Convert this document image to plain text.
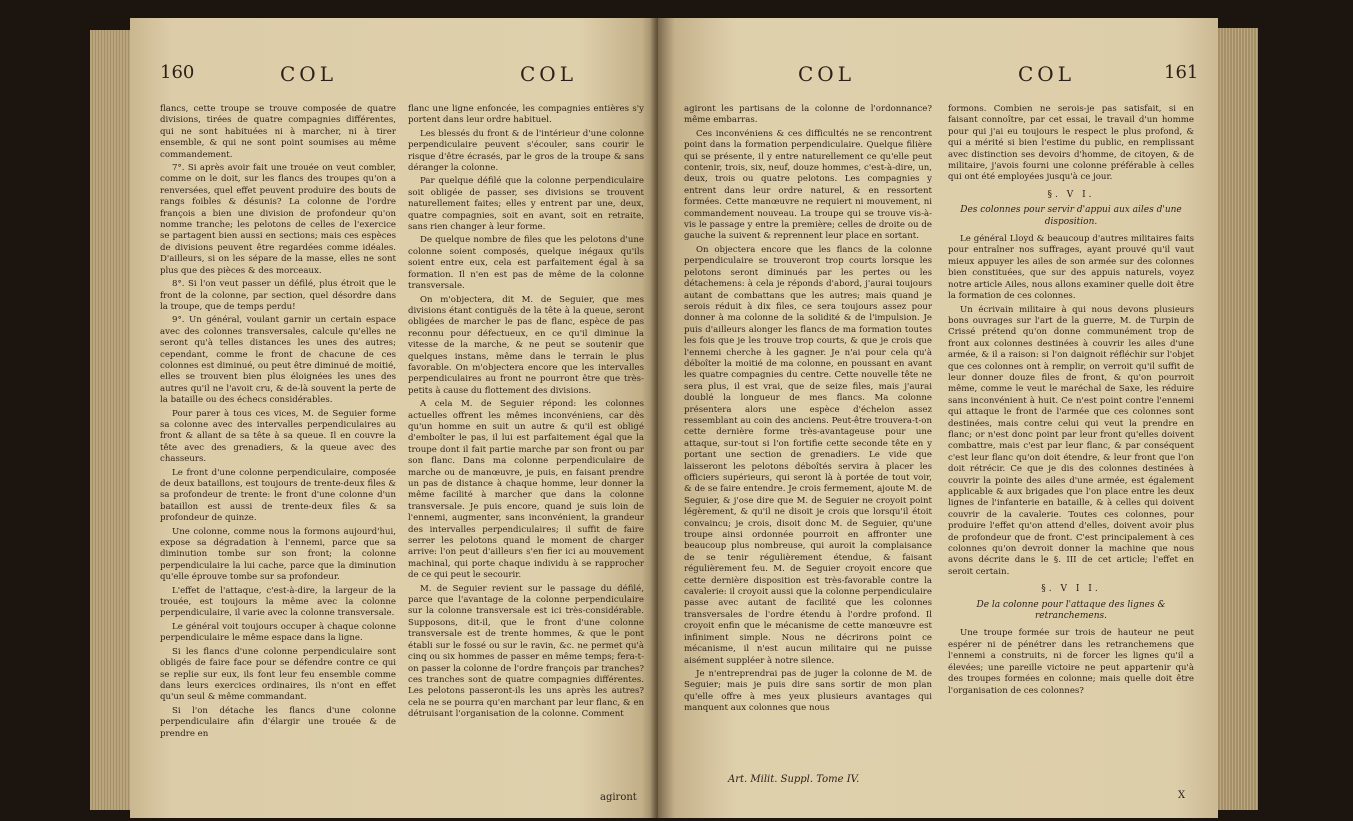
160	COL	COL

flancs, cette troupe se trouve composée de quatre divisions, tirées de quatre compagnies différentes, qui ne sont habituées ni à marcher, ni à tirer ensemble, & qui ne sont point soumises au même commandement.

7°. Si après avoir fait une trouée on veut combler, comme on le doit, sur les flancs des troupes qu'on a renversées, quel effet peuvent produire des bouts de rangs foibles & désunis? La colonne de l'ordre françois a bien une division de profondeur qu'on nomme tranche; les pelotons de celles de l'exercice se partagent bien aussi en sections; mais ces espèces de divisions peuvent être regardées comme idéales. D'ailleurs, si on les sépare de la masse, elles ne sont plus que des pièces & des morceaux.

8°. Si l'on veut passer un défilé, plus étroit que le front de la colonne, par section, quel désordre dans la troupe, que de temps perdu!

9°. Un général, voulant garnir un certain espace avec des colonnes transversales, calcule qu'elles ne seront qu'à telles distances les unes des autres; cependant, comme le front de chacune de ces colonnes est diminué, ou peut être diminué de moitié, elles se trouvent bien plus éloignées les unes des autres qu'il ne l'avoit cru, & de-là souvent la perte de la bataille ou des échecs considérables.

Pour parer à tous ces vices, M. de Seguier forme sa colonne avec des intervalles perpendiculaires au front & allant de sa tête à sa queue. Il en couvre la tête avec des grenadiers, & la queue avec des chasseurs.

Le front d'une colonne perpendiculaire, composée de deux bataillons, est toujours de trente-deux files & sa profondeur de trente: le front d'une colonne d'un bataillon est aussi de trente-deux files & sa profondeur de quinze.

Une colonne, comme nous la formons aujourd'hui, expose sa dégradation à l'ennemi, parce que sa diminution tombe sur son front; la colonne perpendiculaire la lui cache, parce que la diminution qu'elle éprouve tombe sur sa profondeur.

L'effet de l'attaque, c'est-à-dire, la largeur de la trouée, est toujours la même avec la colonne perpendiculaire, il varie avec la colonne transversale.

Le général voit toujours occuper à chaque colonne perpendiculaire le même espace dans la ligne.

Si les flancs d'une colonne perpendiculaire sont obligés de faire face pour se défendre contre ce qui se replie sur eux, ils font leur feu ensemble comme dans leurs exercices ordinaires, ils n'ont en effet qu'un seul & même commandant.

Si l'on détache les flancs d'une colonne perpendiculaire afin d'élargir une trouée & de prendre en

flanc une ligne enfoncée, les compagnies entières s'y portent dans leur ordre habituel.

Les blessés du front & de l'intérieur d'une colonne perpendiculaire peuvent s'écouler, sans courir le risque d'être écrasés, par le gros de la troupe & sans déranger la colonne.

Par quelque défilé que la colonne perpendiculaire soit obligée de passer, ses divisions se trouvent naturellement faites; elles y entrent par une, deux, quatre compagnies, soit en avant, soit en retraite, sans rien changer à leur forme.

De quelque nombre de files que les pelotons d'une colonne soient composés, quelque inégaux qu'ils soient entre eux, cela est parfaitement égal à sa formation. Il n'en est pas de même de la colonne transversale.

On m'objectera, dit M. de Seguier, que mes divisions étant contiguës de la tête à la queue, seront obligées de marcher le pas de flanc, espèce de pas reconnu pour défectueux, en ce qu'il diminue la vitesse de la marche, & ne peut se soutenir que quelques instans, même dans le terrain le plus favorable. On m'objectera encore que les intervalles perpendiculaires au front ne pourront être que très-petits à cause du flottement des divisions.

A cela M. de Seguier répond: les colonnes actuelles offrent les mêmes inconvéniens, car dès qu'un homme en suit un autre & qu'il est obligé d'emboîter le pas, il lui est parfaitement égal que la troupe dont il fait partie marche par son front ou par son flanc. Dans ma colonne perpendiculaire de marche ou de manœuvre, je puis, en faisant prendre un pas de distance à chaque homme, leur donner la même facilité à marcher que dans la colonne transversale. Je puis encore, quand je suis loin de l'ennemi, augmenter, sans inconvénient, la grandeur des intervalles perpendiculaires; il suffit de faire serrer les pelotons quand le moment de charger arrive: l'on peut d'ailleurs s'en fier ici au mouvement machinal, qui porte chaque individu à se rapprocher de ce qui peut le secourir.

M. de Seguier revient sur le passage du défilé, parce que l'avantage de la colonne perpendiculaire sur la colonne transversale est ici très-considérable. Supposons, dit-il, que le front d'une colonne transversale est de trente hommes, & que le pont établi sur le fossé ou sur le ravin, &c. ne permet qu'à cinq ou six hommes de passer en même temps; fera-t-on passer la colonne de l'ordre françois par tranches? ces tranches sont de quatre compagnies différentes. Les pelotons passeront-ils les uns après les autres? cela ne se pourra qu'en marchant par leur flanc, & en détruisant l'organisation de la colonne. Comment

agiront
COL	COL	161

agiront les partisans de la colonne de l'ordonnance? même embarras.

Ces inconvéniens & ces difficultés ne se rencontrent point dans la formation perpendiculaire. Quelque filière qui se présente, il y entre naturellement ce qu'elle peut contenir, trois, six, neuf, douze hommes, c'est-à-dire, un, deux, trois ou quatre pelotons. Les compagnies y entrent dans leur ordre naturel, & en ressortent formées. Cette manœuvre ne requiert ni mouvement, ni commandement nouveau. La troupe qui se trouve vis-à-vis le passage y entre la première; celles de droite ou de gauche la suivent & reprennent leur place en sortant.

On objectera encore que les flancs de la colonne perpendiculaire se trouveront trop courts lorsque les pelotons seront diminués par les pertes ou les détachemens: à cela je réponds d'abord, j'aurai toujours autant de combattans que les autres; mais quand je serois réduit à dix files, ce sera toujours assez pour donner à ma colonne de la solidité & de l'impulsion. Je puis d'ailleurs alonger les flancs de ma formation toutes les fois que je les trouve trop courts, & que je crois que l'ennemi cherche à les gagner. Je n'ai pour cela qu'à déboîter la moitié de ma colonne, en poussant en avant les quatre compagnies du centre. Cette nouvelle tête ne sera plus, il est vrai, que de seize files, mais j'aurai doublé la longueur de mes flancs. Ma colonne présentera alors une espèce d'échelon assez ressemblant au coin des anciens. Peut-être trouvera-t-on cette dernière forme très-avantageuse pour une attaque, sur-tout si l'on fortifie cette seconde tête en y portant une section de grenadiers. Le vide que laisseront les pelotons déboîtés servira à placer les officiers supérieurs, qui seront là à portée de tout voir, & de se faire entendre. Je crois fermement, ajoute M. de Seguier, & j'ose dire que M. de Seguier ne croyoit point légèrement, & qu'il ne disoit je crois que lorsqu'il étoit convaincu; je crois, disoit donc M. de Seguier, qu'une troupe ainsi ordonnée pourroit en affronter une beaucoup plus nombreuse, qui auroit la complaisance de se tenir régulièrement étendue, & faisant régulièrement feu. M. de Seguier croyoit encore que cette dernière disposition est très-favorable contre la cavalerie: il croyoit aussi que la colonne perpendiculaire passe avec autant de facilité que les colonnes transversales de l'ordre étendu à l'ordre profond. Il croyoit enfin que le mécanisme de cette manœuvre est infiniment simple. Nous ne décrirons point ce mécanisme, il n'est aucun militaire qui ne puisse aisément suppléer à notre silence.

Je n'entreprendrai pas de juger la colonne de M. de Seguier; mais je puis dire sans sortir de mon plan qu'elle offre à mes yeux plusieurs avantages qui manquent aux colonnes que nous

Art. Milit. Suppl. Tome IV.

formons. Combien ne serois-je pas satisfait, si en faisant connoître, par cet essai, le travail d'un homme pour qui j'ai eu toujours le respect le plus profond, & qui a mérité si bien l'estime du public, en remplissant avec distinction ses devoirs d'homme, de citoyen, & de militaire, j'avois fourni une colonne préférable à celles qui ont été employées jusqu'à ce jour.

§. V I.
Des colonnes pour servir d'appui aux ailes d'une disposition.

Le général Lloyd & beaucoup d'autres militaires faits pour entraîner nos suffrages, ayant prouvé qu'il vaut mieux appuyer les ailes de son armée sur des colonnes bien constituées, que sur des appuis naturels, voyez notre article Ailes, nous allons examiner quelle doit être la formation de ces colonnes.

Un écrivain militaire à qui nous devons plusieurs bons ouvrages sur l'art de la guerre, M. de Turpin de Crissé prétend qu'on donne communément trop de front aux colonnes destinées à couvrir les ailes d'une armée, & il a raison: si l'on daignoit réfléchir sur l'objet que ces colonnes ont à remplir, on verroit qu'il suffit de leur donner douze files de front, & qu'on pourroit même, comme le veut le maréchal de Saxe, les réduire sans inconvénient à huit. Ce n'est point contre l'ennemi qui attaque le front de l'armée que ces colonnes sont destinées, mais contre celui qui veut la prendre en flanc; or n'est donc point par leur front qu'elles doivent combattre, mais c'est par leur flanc, & par conséquent c'est leur flanc qu'on doit étendre, & leur front que l'on doit rétrécir. Ce que je dis des colonnes destinées à couvrir la pointe des ailes d'une armée, est également applicable & aux brigades que l'on place entre les deux lignes de l'infanterie en bataille, & à celles qui doivent couvrir de la cavalerie. Toutes ces colonnes, pour produire l'effet qu'on attend d'elles, doivent avoir plus de profondeur que de front. C'est principalement à ces colonnes qu'on devroit donner la machine que nous avons décrite dans le §. III de cet article; l'effet en seroit certain.

§. V I I.
De la colonne pour l'attaque des lignes & retranchemens.

Une troupe formée sur trois de hauteur ne peut espérer ni de pénétrer dans les retranchemens que l'ennemi a construits, ni de forcer les lignes qu'il a élevées; une pareille victoire ne peut appartenir qu'à des troupes formées en colonne; mais quelle doit être l'organisation de ces colonnes?

X
